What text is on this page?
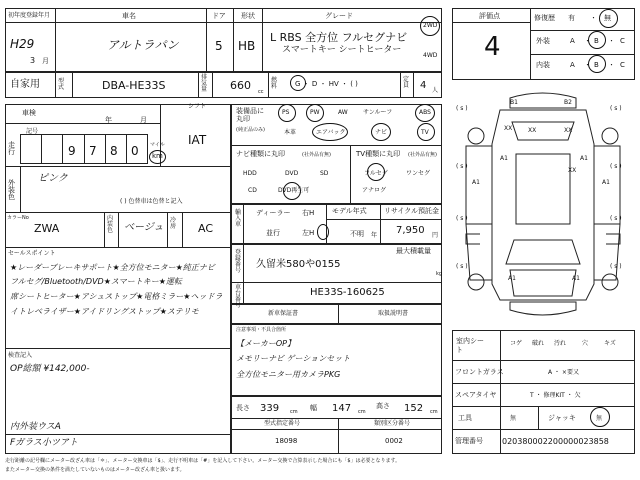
初年度登録年月
H29
3 月
車名
アルトラパン
ドア
5
形状
HB
グレード
L RBS 全方位 フルセグナビ
スマートキー シートヒーター
2WD
4WD
自家用	型式	DBA-HE33S
排気量	660 cc
燃料	G ・ D ・ HV ・ ( )
定員	4 人
車検
年	月
シフト
IAT
記号
走行	9 7 8 0 マイル
km
外装色
ピンク
( ) 色替車は色替と記入
カラーNo
ZWA
内装色 ベージュ
冷房 AC
セールスポイント
★レーダーブレーキサポート★全方位モニター★純正ナビ
フルセグ/Bluetooth/DVD★スマートキー★運転
席シートヒーター★アシュストップ★電格ミラー★ヘッドラ
イトレベライザー★アイドリングストップ★ステリモ
検査記入
OP総額 ¥142,000-
内外装ウスA
Fガラス小ツアト
装備品に丸印
(純正品のみ)
PS	PW	AW	サンルーフ	ABS
本革	エアバック	ナビ	TV
ナビ種類に丸印	(社外品有無)
HDD	DVD	SD
CD	DVD再生可
TV種類に丸印 (社外品有無)
フルセグ	ワンセグ
アナログ
輸入車
ディーラー 右H
並行	左H
モデル年式
不明 年
リサイクル預託金
7,950 円
最大積載量
kg
登録番号
久留米580や0155
車台番号
HE33S-160625
新車保証書	取扱説明書
注意事項・不具合箇所
【メーカーOP】
メモリーナビ ゲーションセット
全方位モニター用カメラPKG
長さ 339 cm 幅 147 cm
高さ 152 cm
型式指定番号
18098
類別区分番号
0002
評価点
4
修復歴 有 ・ 無
外装	A ・ B ・ C
内装	A ・ B ・ C
( s )	( s )
( s )	( s )
( s )	( s )
( s )	( s )
B1	B2
XX	XX
A1	A1
XX
A1	A1
XX
A1	A1
室内シート
コゲ 破れ 汚れ	穴	キズ
フロントガラス	A ・ ×要又
スペアタイヤ	T ・ 修理KIT ・ 欠
工具	無	ジャッキ	無
管理番号 020380002200000023858
走行距離の記号欄にメーター改ざん車は「＊」、メーター交換車は「$」、走行不明車は「#」を記入して下さい。メーター交換で合算表示した場合にも「$」は必要となります。
またメーター交換の条件を満たしていないものはメーター改ざん車と扱います。
